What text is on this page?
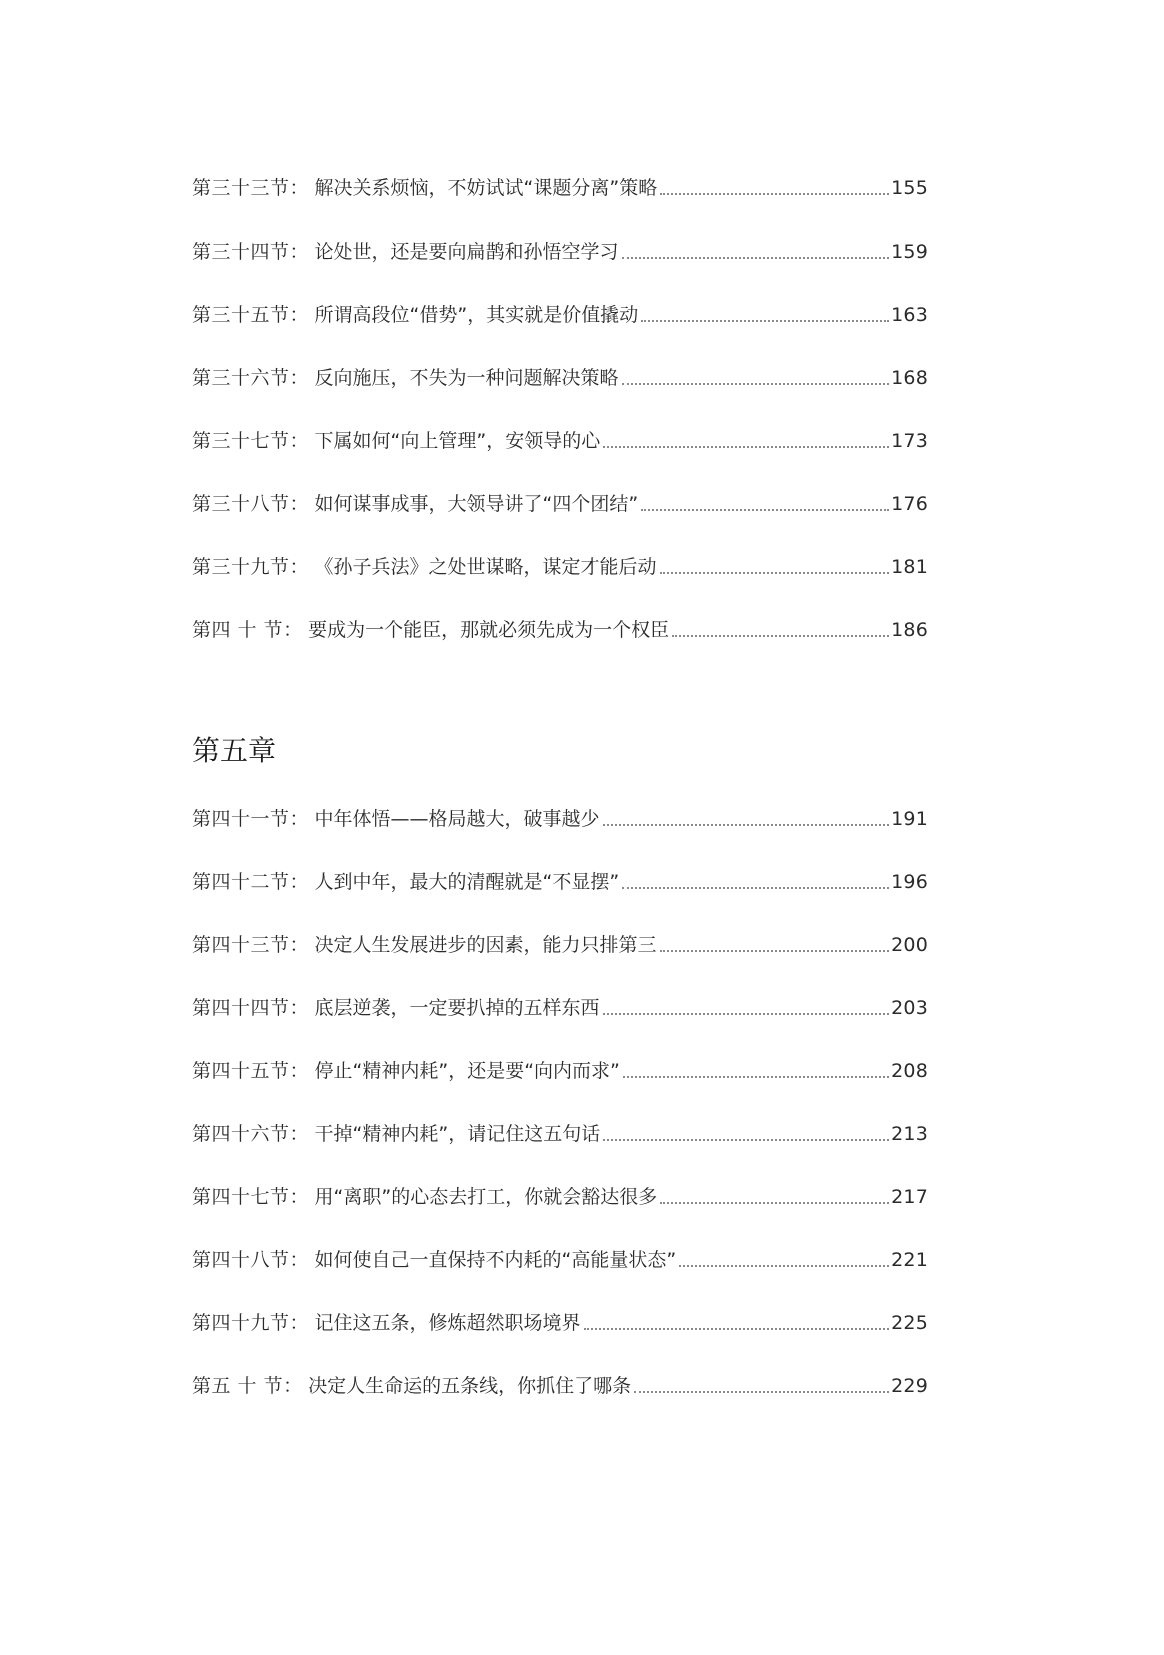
第三十三节 ： 解决关系烦恼，不妨试试“课题分离”策略	155
第三十四节 ： 论处世，还是要向扁鹊和孙悟空学习	159
第三十五节 ： 所谓高段位“借势”，其实就是价值撬动	163
第三十六节 ： 反向施压，不失为一种问题解决策略	168
第三十七节 ： 下属如何“向上管理”，安领导的心	173
第三十八节 ： 如何谋事成事，大领导讲了“四个团结”	176
第三十九节 ： 《孙子兵法》之处世谋略，谋定才能后动	181
第四 十 节 ： 要成为一个能臣，那就必须先成为一个权臣	186
第五章
第四十一节 ： 中年体悟——格局越大，破事越少	191
第四十二节 ： 人到中年，最大的清醒就是“不显摆”	196
第四十三节 ： 决定人生发展进步的因素，能力只排第三	200
第四十四节 ： 底层逆袭，一定要扒掉的五样东西	203
第四十五节 ： 停止“精神内耗”，还是要“向内而求”	208
第四十六节 ： 干掉“精神内耗”，请记住这五句话	213
第四十七节 ： 用“离职”的心态去打工，你就会豁达很多	217
第四十八节 ： 如何使自己一直保持不内耗的“高能量状态”	221
第四十九节 ： 记住这五条，修炼超然职场境界	225
第五 十 节 ： 决定人生命运的五条线，你抓住了哪条	229
